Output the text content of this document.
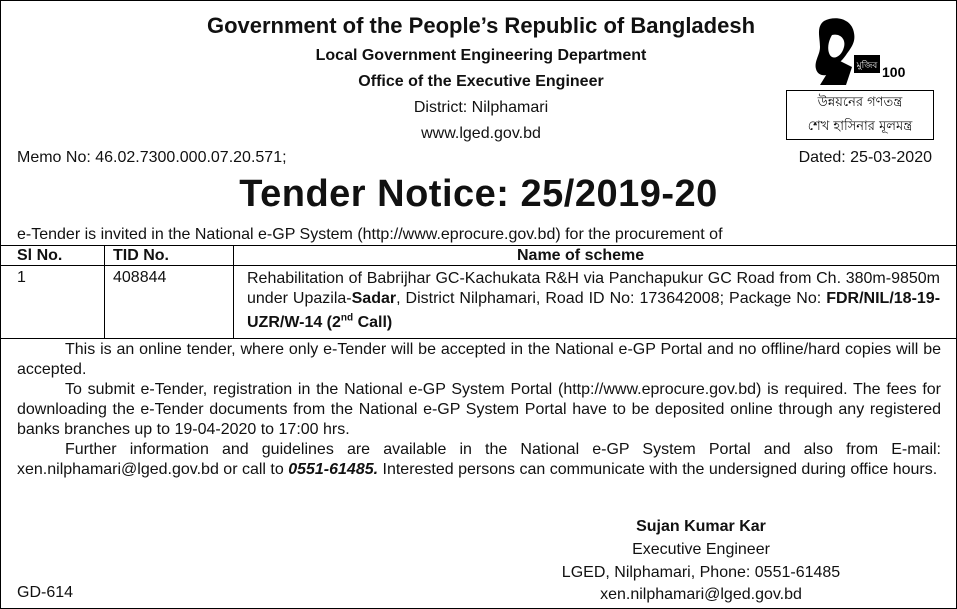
Government of the People’s Republic of Bangladesh
Local Government Engineering Department
Office of the Executive Engineer
District: Nilphamari
www.lged.gov.bd
মুজিব 100
উন্নয়নের গণতন্ত্র
শেখ হাসিনার মূলমন্ত্র
Memo No: 46.02.7300.000.07.20.571;	Dated: 25-03-2020
Tender Notice: 25/2019-20
e-Tender is invited in the National e-GP System (http://www.eprocure.gov.bd) for the procurement of
Sl No.	TID No.	Name of scheme
1	408844	Rehabilitation of Babrijhar GC-Kachukata R&H via Panchapukur GC Road from Ch. 380m-9850m under Upazila-Sadar, District Nilphamari, Road ID No: 173642008; Package No: FDR/NIL/18-19-UZR/W-14 (2nd Call)

This is an online tender, where only e-Tender will be accepted in the National e-GP Portal and no offline/hard copies will be accepted.

To submit e-Tender, registration in the National e-GP System Portal (http://www.eprocure.gov.bd) is required. The fees for downloading the e-Tender documents from the National e-GP System Portal have to be deposited online through any registered banks branches up to 19-04-2020 to 17:00 hrs.

Further information and guidelines are available in the National e-GP System Portal and also from E-mail: xen.nilphamari@lged.gov.bd or call to 0551-61485. Interested persons can communicate with the undersigned during office hours.

Sujan Kumar Kar
Executive Engineer
LGED, Nilphamari, Phone: 0551-61485
xen.nilphamari@lged.gov.bd
GD-614
